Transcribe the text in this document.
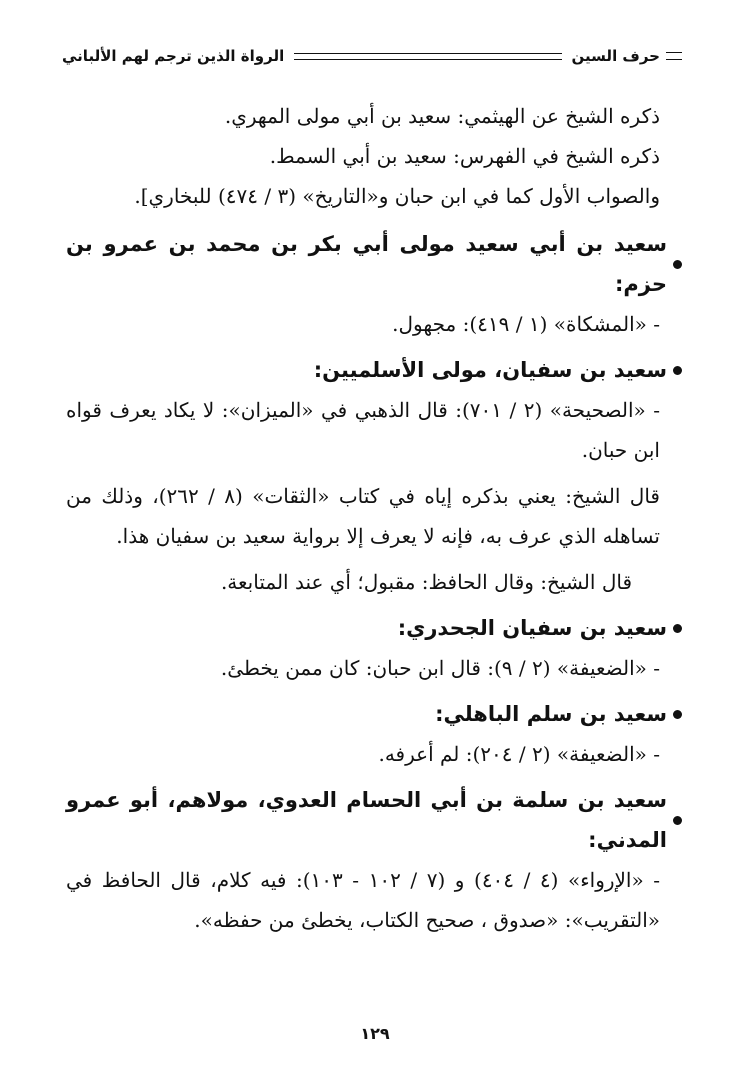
حرف السين
الرواة الذين ترجم لهم الألباني

ذكره الشيخ عن الهيثمي: سعيد بن أبي مولى المهري.

ذكره الشيخ في الفهرس: سعيد بن أبي السمط.

والصواب الأول كما في ابن حبان و«التاريخ» (٣ / ٤٧٤) للبخاري].

سعيد بن أبي سعيد مولى أبي بكر بن محمد بن عمرو بن حزم:

- «المشكاة» (١ / ٤١٩): مجهول.

سعيد بن سفيان، مولى الأسلميين:

- «الصحيحة» (٢ / ٧٠١): قال الذهبي في «الميزان»: لا يكاد يعرف قواه ابن حبان.

قال الشيخ: يعني بذكره إياه في كتاب «الثقات» (٨ / ٢٦٢)، وذلك من تساهله الذي عرف به، فإنه لا يعرف إلا برواية سعيد بن سفيان هذا.

قال الشيخ: وقال الحافظ: مقبول؛ أي عند المتابعة.

سعيد بن سفيان الجحدري:

- «الضعيفة» (٢ / ٩): قال ابن حبان: كان ممن يخطئ.

سعيد بن سلم الباهلي:

- «الضعيفة» (٢ / ٢٠٤): لم أعرفه.

سعيد بن سلمة بن أبي الحسام العدوي، مولاهم، أبو عمرو المدني:

- «الإرواء» (٤ / ٤٠٤) و (٧ / ١٠٢ - ١٠٣): فيه كلام، قال الحافظ في «التقريب»: «صدوق ، صحيح الكتاب، يخطئ من حفظه».

١٢٩
